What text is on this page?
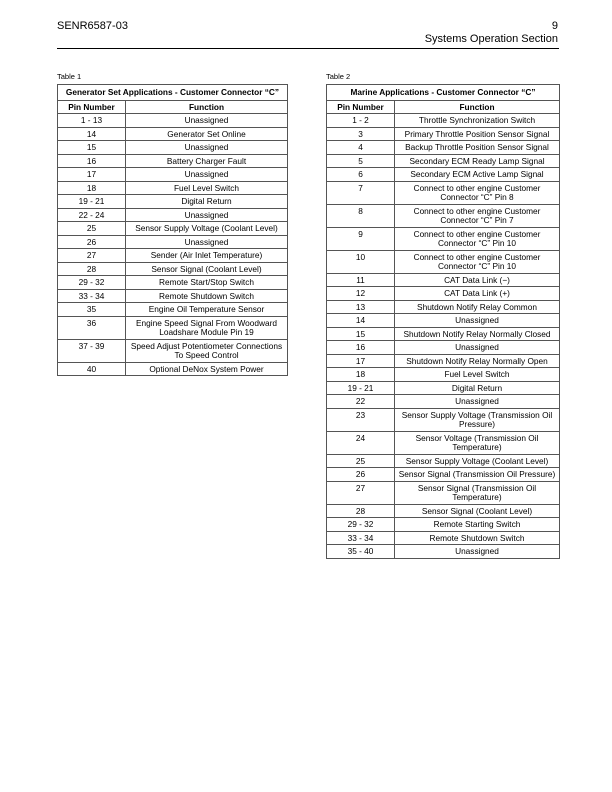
SENR6587-03	9
Systems Operation Section
Table 1
Generator Set Applications - Customer Connector “C”	
Pin Number	Function
1 - 13	Unassigned
14	Generator Set Online
15	Unassigned
16	Battery Charger Fault
17	Unassigned
18	Fuel Level Switch
19 - 21	Digital Return
22 - 24	Unassigned
25	Sensor Supply Voltage (Coolant Level)
26	Unassigned
27	Sender (Air Inlet Temperature)
28	Sensor Signal (Coolant Level)
29 - 32	Remote Start/Stop Switch
33 - 34	Remote Shutdown Switch
35	Engine Oil Temperature Sensor
36	Engine Speed Signal From Woodward Loadshare Module Pin 19
37 - 39	Speed Adjust Potentiometer Connections To Speed Control
40	Optional DeNox System Power
Table 2
Marine Applications - Customer Connector “C”	
Pin Number	Function
1 - 2	Throttle Synchronization Switch
3	Primary Throttle Position Sensor Signal
4	Backup Throttle Position Sensor Signal
5	Secondary ECM Ready Lamp Signal
6	Secondary ECM Active Lamp Signal
7	Connect to other engine Customer Connector “C” Pin 8
8	Connect to other engine Customer Connector “C” Pin 7
9	Connect to other engine Customer Connector “C” Pin 10
10	Connect to other engine Customer Connector “C” Pin 10
11	CAT Data Link (−)
12	CAT Data Link (+)
13	Shutdown Notify Relay Common
14	Unassigned
15	Shutdown Notify Relay Normally Closed
16	Unassigned
17	Shutdown Notify Relay Normally Open
18	Fuel Level Switch
19 - 21	Digital Return
22	Unassigned
23	Sensor Supply Voltage (Transmission Oil Pressure)
24	Sensor Voltage (Transmission Oil Temperature)
25	Sensor Supply Voltage (Coolant Level)
26	Sensor Signal (Transmission Oil Pressure)
27	Sensor Signal (Transmission Oil Temperature)
28	Sensor Signal (Coolant Level)
29 - 32	Remote Starting Switch
33 - 34	Remote Shutdown Switch
35 - 40	Unassigned
